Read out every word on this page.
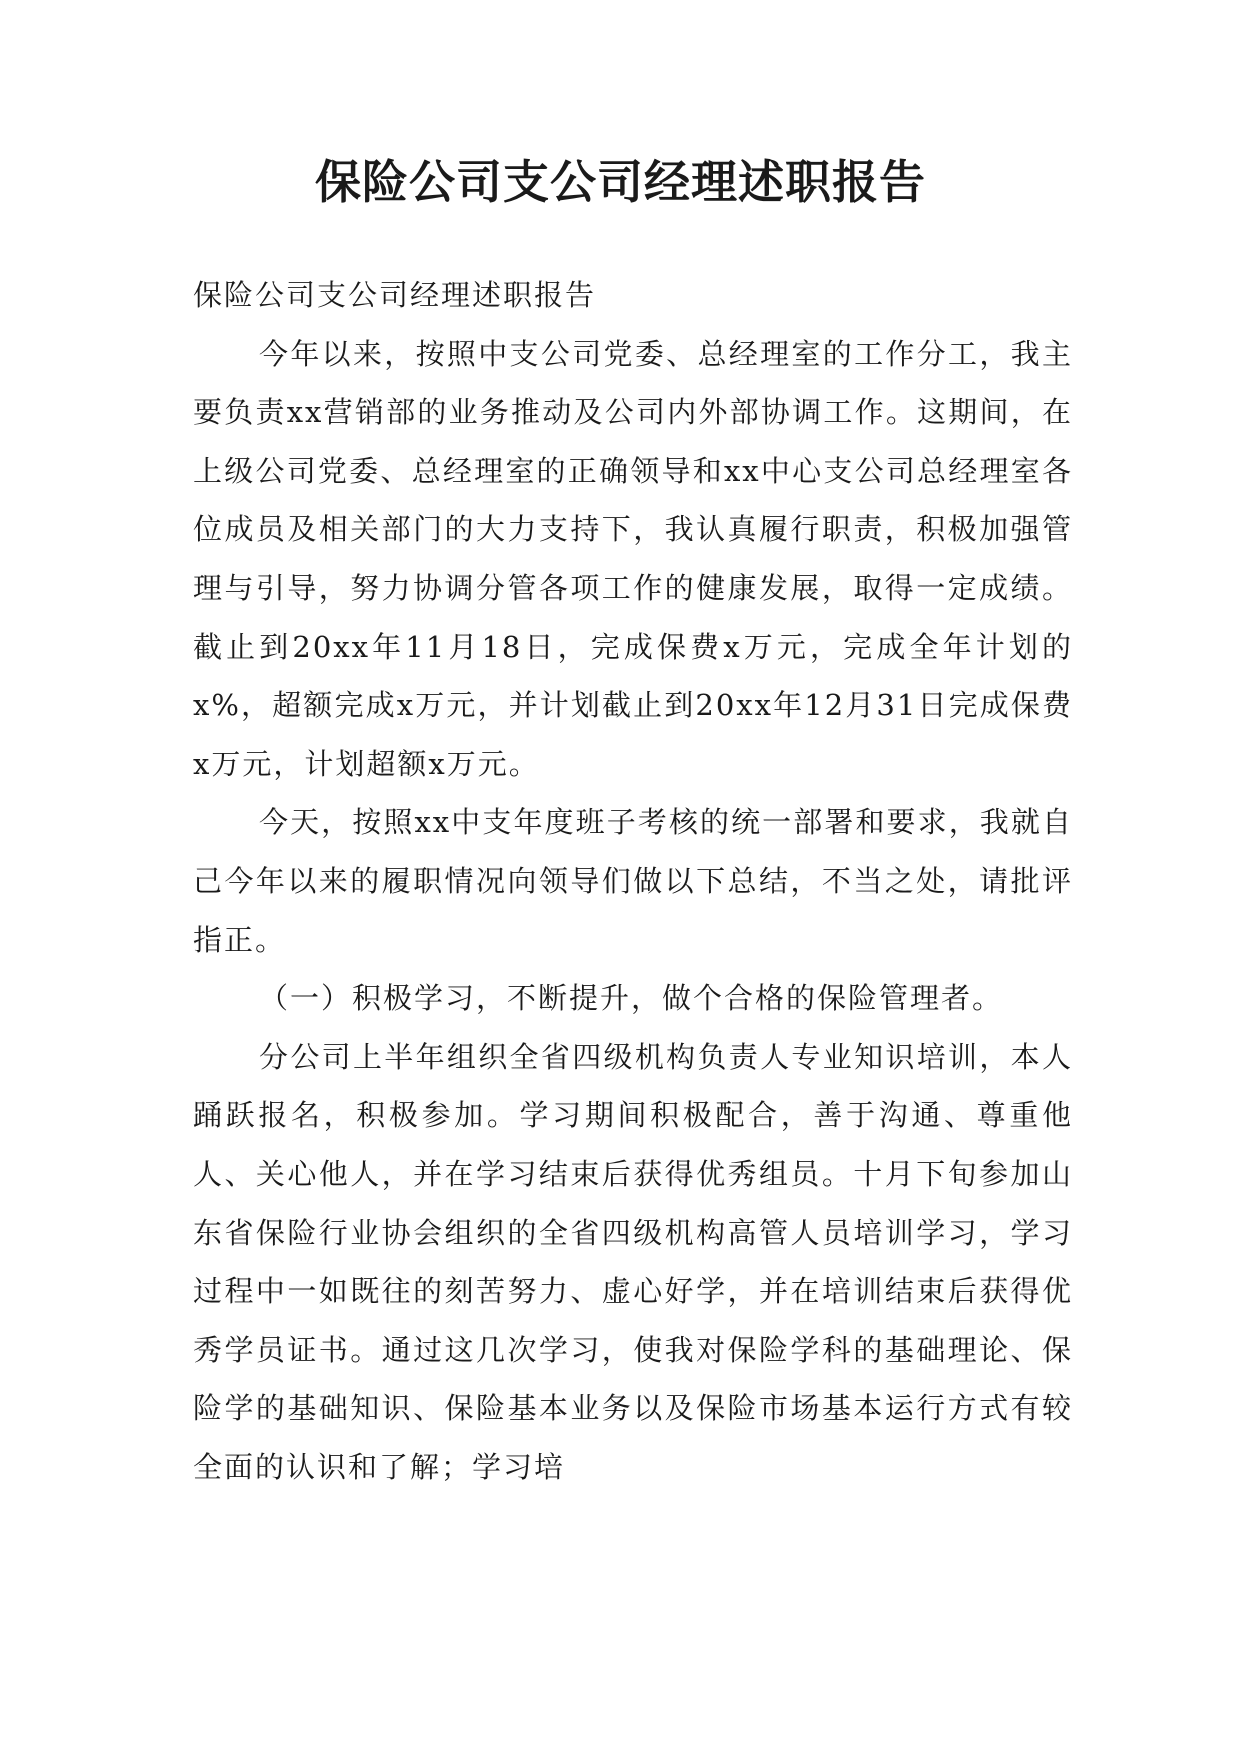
保险公司支公司经理述职报告

保险公司支公司经理述职报告

今年以来，按照中支公司党委、总经理室的工作分工，我主要负责xx营销部的业务推动及公司内外部协调工作。这期间，在上级公司党委、总经理室的正确领导和xx中心支公司总经理室各位成员及相关部门的大力支持下，我认真履行职责，积极加强管理与引导，努力协调分管各项工作的健康发展，取得一定成绩。截止到20xx年11月18日，完成保费x万元，完成全年计划的x%，超额完成x万元，并计划截止到20xx年12月31日完成保费x万元，计划超额x万元。

今天，按照xx中支年度班子考核的统一部署和要求，我就自己今年以来的履职情况向领导们做以下总结，不当之处，请批评指正。

（一）积极学习，不断提升，做个合格的保险管理者。

分公司上半年组织全省四级机构负责人专业知识培训，本人踊跃报名，积极参加。学习期间积极配合，善于沟通、尊重他人、关心他人，并在学习结束后获得优秀组员。十月下旬参加山东省保险行业协会组织的全省四级机构高管人员培训学习，学习过程中一如既往的刻苦努力、虚心好学，并在培训结束后获得优秀学员证书。通过这几次学习，使我对保险学科的基础理论、保险学的基础知识、保险基本业务以及保险市场基本运行方式有较全面的认识和了解；学习培
